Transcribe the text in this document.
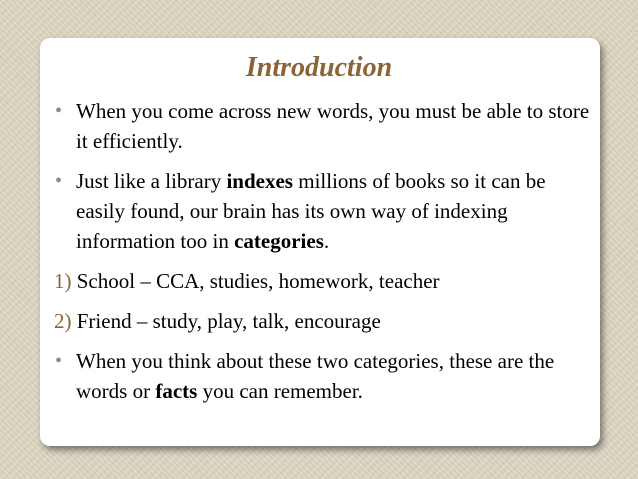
Introduction
• When you come across new words, you must be able to store it efficiently.
• Just like a library indexes millions of books so it can be easily found, our brain has its own way of indexing information too in categories.
1) School – CCA, studies, homework, teacher
2) Friend – study, play, talk, encourage
• When you think about these two categories, these are the words or facts you can remember.
